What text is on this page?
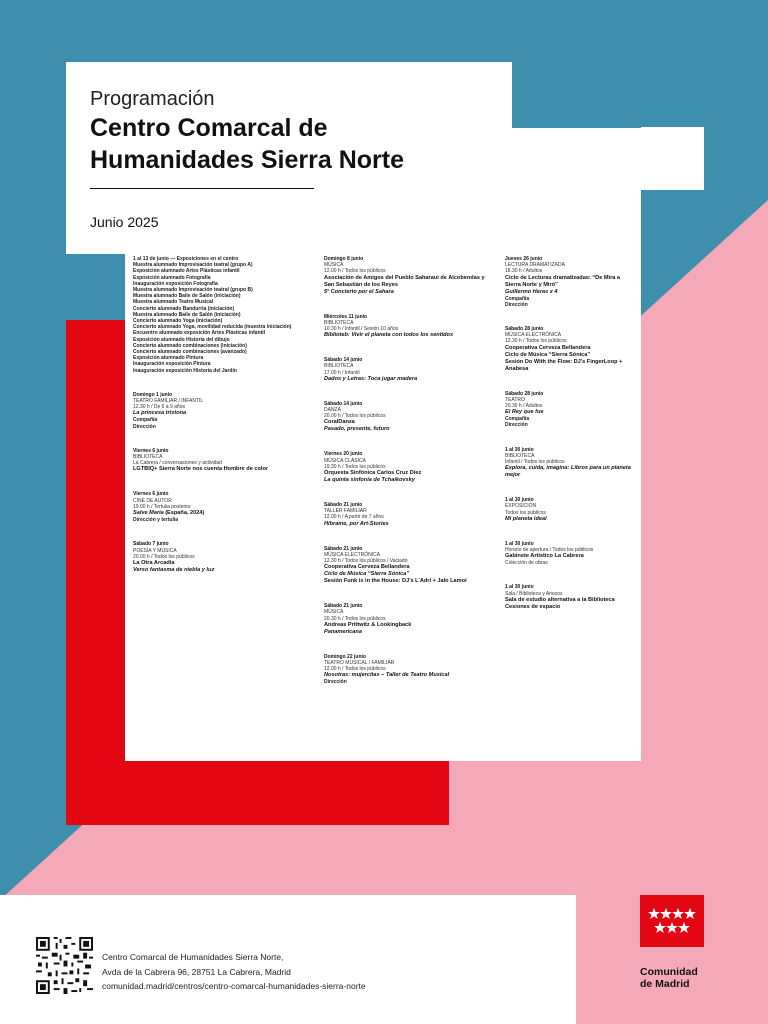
Programación
Centro Comarcal de
Humanidades Sierra Norte
Junio 2025
1 al 13 de junio — Exposiciones en el centro
Muestra alumnado Improvisación teatral (grupo A)
Exposición alumnado Artes Plásticas infantil
Exposición alumnado Fotografía
Inauguración exposición Fotografía
Muestra alumnado Improvisación teatral (grupo B)
Muestra alumnado Baile de Salón (iniciación)
Muestra alumnado Teatro Musical
Concierto alumnado Bandurria (iniciación)
Muestra alumnado Baile de Salón (iniciación)
Concierto alumnado Yoga (iniciación)
Concierto alumnado Yoga, movilidad reducida (muestra iniciación)
Encuentro alumnado exposición Artes Plásticas infantil
Exposición alumnado Historia del dibujo
Concierto alumnado combinaciones (iniciación)
Concierto alumnado combinaciones (avanzado)
Exposición alumnado Pintura
Inauguración exposición Pintura
Inauguración exposición Historia del Jardín
Domingo 1 junio
TEATRO FAMILIAR / INFANTIL
12.30 h / De 6 a 9 años
La princesa tristona
Compañía
Dirección
Viernes 6 junio
BIBLIOTECA
La Cabrera / conversaciones y actividad
LGTBIQ+ Sierra Norte nos cuenta Hombre de color
Viernes 6 junio
CINE DE AUTOR
19.00 h / Tertulia posterior
Salve María (España, 2024)
Dirección y tertulia
Sábado 7 junio
POESÍA Y MÚSICA
20.00 h / Todos los públicos
La Otra Arcadia
Verso fantasma de niebla y luz
Domingo 8 junio
MÚSICA
12.00 h / Todos los públicos
Asociación de Amigos del Pueblo Saharaui de Alcobendas y San Sebastián de los Reyes
5º Concierto por el Sahara
Miércoles 11 junio
BIBLIOTECA
10.30 h / Infantil / Sesión 10 años
Biblioteb: Vivir el planeta con todos los sentidos
Sábado 14 junio
BIBLIOTECA
17.00 h / Infantil
Dados y Letras: Toca jugar madera
Sábado 14 junio
DANZA
20.00 h / Todos los públicos
CoralDanza
Pasado, presente, futuro
Viernes 20 junio
MÚSICA CLÁSICA
19.30 h / Todos los públicos
Orquesta Sinfónica Carlos Cruz Díez
La quinta sinfonía de Tchaikovsky
Sábado 21 junio
TALLER FAMILIAR
12.00 h / A partir de 7 años
Híbrame, por Art-Stories
Sábado 21 junio
MÚSICA ELECTRÓNICA
12.30 h / Todos los públicos / Vaciado
Cooperativa Cerveza Bellandera
Ciclo de Música “Sierra Sónica”
Sesión Funk is in the House: DJ’s L’Adri + Jalo Lamoi
Sábado 21 junio
MÚSICA
20.30 h / Todos los públicos
Andreas Prittwitz & Lookingback
Panamericana
Domingo 22 junio
TEATRO MUSICAL / FAMILIAR
12.00 h / Todos los públicos
Nosotras: mujercitas – Taller de Teatro Musical
Dirección
Jueves 26 junio
LECTURA DRAMATIZADA
18.30 h / Adultos
Ciclo de Lecturas dramatizadas: “De Mira a Sierra Norte y Miró”
Guillermo Heras x 4
Compañía
Dirección
Sábado 28 junio
MÚSICA ELECTRÓNICA
12.30 h / Todos los públicos
Cooperativa Cerveza Bellandera
Ciclo de Música “Sierra Sónica”
Sesión Do With the Flow: DJ’s FingerLoop + Anabesa
Sábado 28 junio
TEATRO
20.30 h / Adultos
El Rey que fue
Compañía
Dirección
1 al 30 junio
BIBLIOTECA
Infantil / Todos los públicos
Explora, cuida, imagina: Libros para un planeta mejor
1 al 30 junio
EXPOSICIÓN
Todos los públicos
Mi planeta ideal
1 al 30 junio
Horario de apertura / Todos los públicos
Gabinete Artístico La Cabrera
Colección de obras
1 al 30 junio
Sala / Biblioteca y Anexos
Sala de estudio alternativa a la Biblioteca
Cesiones de espacio
Centro Comarcal de Humanidades Sierra Norte,
Avda de la Cabrera 96, 28751 La Cabrera, Madrid
comunidad.madrid/centros/centro-comarcal-humanidades-sierra-norte
Comunidad
de Madrid
